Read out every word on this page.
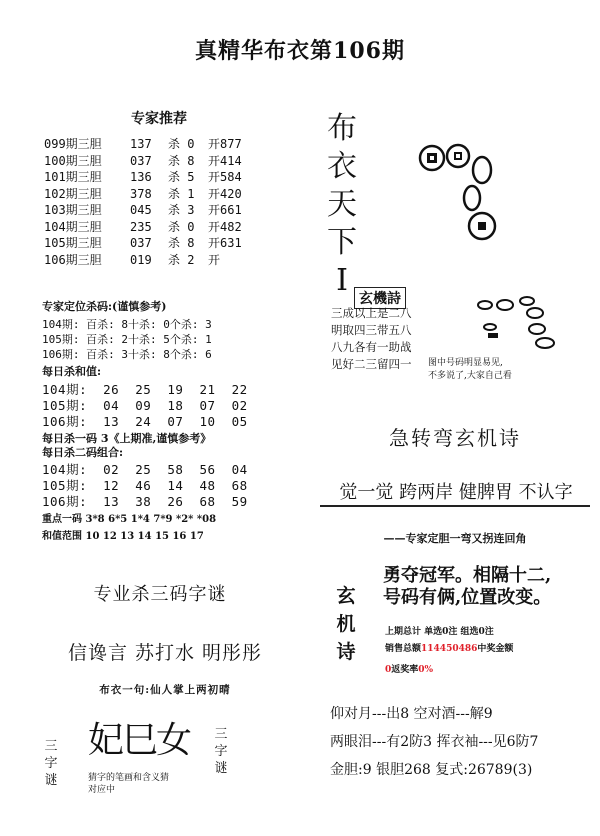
真精华布衣第106期
专家推荐
099期三胆 137 杀 0 开877
100期三胆 037 杀 8 开414
101期三胆 136 杀 5 开584
102期三胆 378 杀 1 开420
103期三胆 045 杀 3 开661
104期三胆 235 杀 0 开482
105期三胆 037 杀 8 开631
106期三胆 019 杀 2 开
专家定位杀码:(谨慎参考)
104期: 百杀: 8十杀: 0个杀: 3
105期: 百杀: 2十杀: 5个杀: 1
106期: 百杀: 3十杀: 8个杀: 6
每日杀和值:
104期:  26  25  19  21  22
105期:  04  09  18  07  02
106期:  13  24  07  10  05
每日杀一码 3《上期准,谨慎参考》
每日杀二码组合:
104期:  02  25  58  56  04
105期:  12  46  14  48  68
106期:  13  38  26  68  59
重点一码 3*8 6*5 1*4 7*9 *2* *08
和值范围 10 12 13 14 15 16 17
布
衣
天
下
I
玄機詩
三成以上是二八
明取四三带五八
八九各有一助战
见好二三留四一 图中号码明显易见,
不多说了,大家自己看
急转弯玄机诗
觉一觉 跨两岸 健脾胃 不认字
——专家定胆一弯又拐连回角
玄
机
诗
勇夺冠军。相隔十二,
号码有俩,位置改变。
上期总计 单选0注 组选0注
销售总额114450486中奖金额
0返奖率0%
仰对月---出8 空对酒---解9
两眼泪---有2防3 挥衣袖---见6防7
金胆:9 银胆268 复式:26789(3)
专业杀三码字谜
信谗言 苏打水 明彤彤
布衣一句:仙人掌上两初晴
三
字
谜
妃巳女
猜字的笔画和含义猜
对应中
三
字
谜
